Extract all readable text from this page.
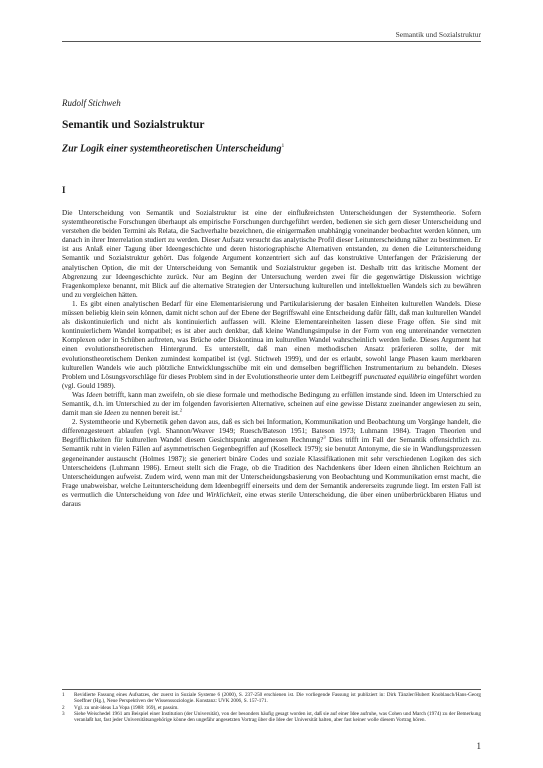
Semantik und Sozialstruktur
Rudolf Stichweh
Semantik und Sozialstruktur
Zur Logik einer systemtheoretischen Unterscheidung$^1$
I

Die Unterscheidung von Semantik und Sozialstruktur ist eine der einflußreichsten Unterscheidungen der Systemtheorie. Sofern systemtheoretische Forschungen überhaupt als empirische Forschungen durchgeführt werden, bedienen sie sich gern dieser Unterscheidung und verstehen die beiden Termini als Relata, die Sachverhalte bezeichnen, die einigermaßen unabhängig voneinander beobachtet werden können, um danach in ihrer Interrelation studiert zu werden. Dieser Aufsatz versucht das analytische Profil dieser Leitunterscheidung näher zu bestimmen. Er ist aus Anlaß einer Tagung über Ideengeschichte und deren historiographische Alternativen entstanden, zu denen die Leitunterscheidung Semantik und Sozialstruktur gehört. Das folgende Argument konzentriert sich auf das konstruktive Unterfangen der Präzisierung der analytischen Option, die mit der Unterscheidung von Semantik und Sozialstruktur gegeben ist. Deshalb tritt das kritische Moment der Abgrenzung zur Ideengeschichte zurück. Nur am Beginn der Untersuchung werden zwei für die gegenwärtige Diskussion wichtige Fragenkomplexe benannt, mit Blick auf die alternative Strategien der Untersuchung kulturellen und intellektuellen Wandels sich zu bewähren und zu vergleichen hätten.

1. Es gibt einen analytischen Bedarf für eine Elementarisierung und Partikularisierung der basalen Einheiten kulturellen Wandels. Diese müssen beliebig klein sein können, damit nicht schon auf der Ebene der Begriffswahl eine Entscheidung dafür fällt, daß man kulturellen Wandel als diskontinuierlich und nicht als kontinuierlich auffassen will. Kleine Elementareinheiten lassen diese Frage offen. Sie sind mit kontinuierlichem Wandel kompatibel; es ist aber auch denkbar, daß kleine Wandlungsimpulse in der Form von eng untereinander vernetzten Komplexen oder in Schüben auftreten, was Brüche oder Diskontinua im kulturellen Wandel wahrscheinlich werden ließe. Dieses Argument hat einen evolutionstheoretischen Hintergrund. Es unterstellt, daß man einen methodischen Ansatz präferieren sollte, der mit evolutionstheoretischem Denken zumindest kompatibel ist (vgl. Stichweh 1999), und der es erlaubt, sowohl lange Phasen kaum merkbaren kulturellen Wandels wie auch plötzliche Entwicklungsschübe mit ein und demselben begrifflichen Instrumentarium zu behandeln. Dieses Problem und Lösungsvorschläge für dieses Problem sind in der Evolutionstheorie unter dem Leitbegriff punctuated equilibria eingeführt worden (vgl. Gould 1989).

Was Ideen betrifft, kann man zweifeln, ob sie diese formale und methodische Bedingung zu erfüllen imstande sind. Ideen im Unterschied zu Semantik, d.h. im Unterschied zu der im folgenden favorisierten Alternative, scheinen auf eine gewisse Distanz zueinander angewiesen zu sein, damit man sie Ideen zu nennen bereit ist.$^2$

2. Systemtheorie und Kybernetik gehen davon aus, daß es sich bei Information, Kommunikation und Beobachtung um Vorgänge handelt, die differenzgesteuert ablaufen (vgl. Shannon/Weaver 1949; Ruesch/Bateson 1951; Bateson 1973; Luhmann 1984). Tragen Theorien und Begrifflichkeiten für kulturellen Wandel diesem Gesichtspunkt angemessen Rechnung?$^3$ Dies trifft im Fall der Semantik offensichtlich zu. Semantik ruht in vielen Fällen auf asymmetrischen Gegenbegriffen auf (Koselleck 1979); sie benutzt Antonyme, die sie in Wandlungsprozessen gegeneinander austauscht (Holmes 1987); sie generiert binäre Codes und soziale Klassifikationen mit sehr verschiedenen Logiken des sich Unterscheidens (Luhmann 1986). Erneut stellt sich die Frage, ob die Tradition des Nachdenkens über Ideen einen ähnlichen Reichtum an Unterscheidungen aufweist. Zudem wird, wenn man mit der Unterscheidungsbasierung von Beobachtung und Kommunikation ernst macht, die Frage unabweisbar, welche Leitunterscheidung dem Ideenbegriff einerseits und dem der Semantik andererseits zugrunde liegt. Im ersten Fall ist es vermutlich die Unterscheidung von Idee und Wirklichkeit, eine etwas sterile Unterscheidung, die über einen unüberbrückbaren Hiatus und daraus

1	Revidierte Fassung eines Aufsatzes, der zuerst in Soziale Systeme 6 (2000), S. 237-250 erschienen ist. Die vorliegende Fassung ist publiziert in: Dirk Tänzler/Hubert Knoblauch/Hans-Georg Soeffner (Hg.), Neue Perspektiven der Wissenssoziologie. Konstanz: UVK 2006, S. 157-171.
2	Vgl. zu unit-ideas La Vopa (1988: 169), et passim.
3	Siehe Weischedel 1961 am Beispiel einer Institution (der Universität), von der besonders häufig gesagt worden ist, daß sie auf einer Idee aufruhe, was Cohen und March (1974) zu der Bemerkung veranlaßt hat, fast jeder Universitätsangehörige könne den ungefähr angesetzten Vortrag über die Idee der Universität halten, aber fast keiner wolle diesem Vortrag hören.
1
